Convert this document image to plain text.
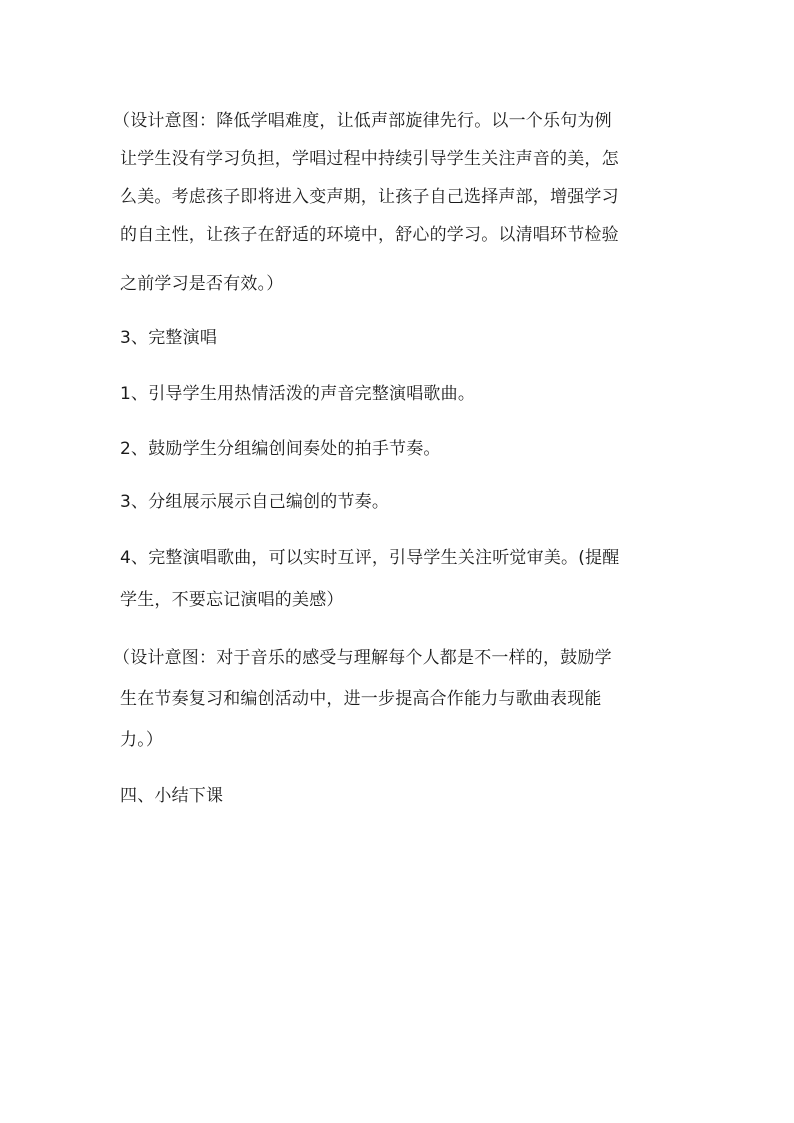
（设计意图：降低学唱难度，让低声部旋律先行。以一个乐句为例
让学生没有学习负担，学唱过程中持续引导学生关注声音的美，怎
么美。考虑孩子即将进入变声期，让孩子自己选择声部，增强学习
的自主性，让孩子在舒适的环境中，舒心的学习。以清唱环节检验
之前学习是否有效。）
3、完整演唱
1、引导学生用热情活泼的声音完整演唱歌曲。
2、鼓励学生分组编创间奏处的拍手节奏。
3、分组展示展示自己编创的节奏。
4、完整演唱歌曲，可以实时互评，引导学生关注听觉审美。(提醒
学生，不要忘记演唱的美感）
（设计意图：对于音乐的感受与理解每个人都是不一样的，鼓励学
生在节奏复习和编创活动中，进一步提高合作能力与歌曲表现能
力。）
四、小结下课
